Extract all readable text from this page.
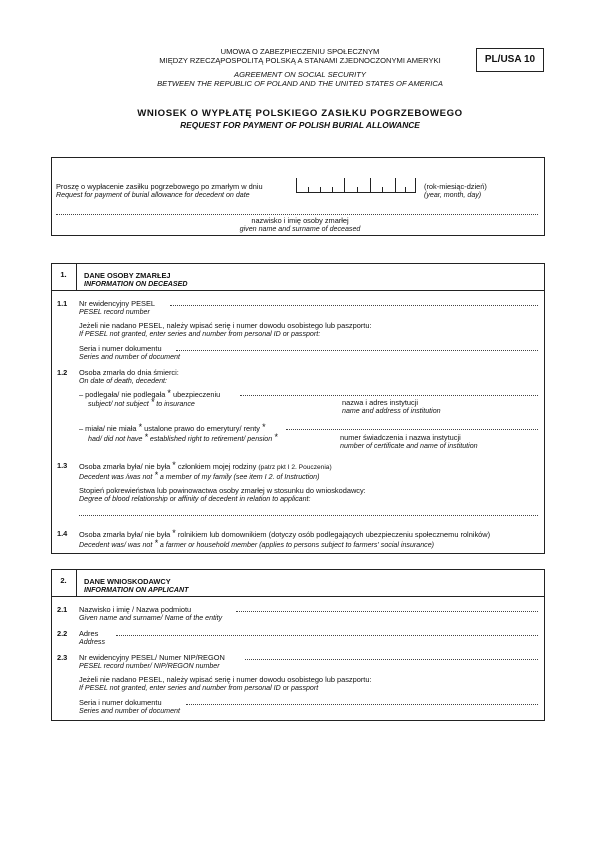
UMOWA O ZABEZPIECZENIU SPOŁECZNYM
MIĘDZY RZECZĄPOSPOLITĄ POLSKĄ A STANAMI ZJEDNOCZONYMI AMERYKI
AGREEMENT ON SOCIAL SECURITY
BETWEEN THE REPUBLIC OF POLAND AND THE UNITED STATES OF AMERICA
PL/USA 10
WNIOSEK O WYPŁATĘ POLSKIEGO ZASIŁKU POGRZEBOWEGO
REQUEST FOR PAYMENT OF POLISH BURIAL ALLOWANCE
Proszę o wypłacenie zasiłku pogrzebowego po zmarłym w dniu
Request for payment of burial allowance for decedent on date
(rok-miesiąc-dzień)
(year, month, day)
nazwisko i imię osoby zmarłej
given name and surname of deceased
1.	DANE OSOBY ZMARŁEJ
INFORMATION ON DECEASED
1.1 Nr ewidencyjny PESEL
PESEL record number
Jeżeli nie nadano PESEL, należy wpisać serię i numer dowodu osobistego lub paszportu:
If PESEL not granted, enter series and number from personal ID or passport:
Seria i numer dokumentu
Series and number of document
1.2 Osoba zmarła do dnia śmierci:
On date of death, decedent:
– podlegała/ nie podlegała * ubezpieczeniu
subject/ not subject * to insurance	nazwa i adres instytucji
name and address of institution
– miała/ nie miała * ustalone prawo do emerytury/ renty *
had/ did not have * established right to retirement/ pension *	numer świadczenia i nazwa instytucji
number of certificate and name of institution
1.3 Osoba zmarła była/ nie była * członkiem mojej rodziny (patrz pkt I 2. Pouczenia)
Decedent was /was not * a member of my family (see item I 2. of Instruction)
Stopień pokrewieństwa lub powinowactwa osoby zmarłej w stosunku do wnioskodawcy:
Degree of blood relationship or affinity of decedent in relation to applicant:
1.4 Osoba zmarła była/ nie była * rolnikiem lub domownikiem (dotyczy osób podlegających ubezpieczeniu społecznemu rolników)
Decedent was/ was not * a farmer or household member (applies to persons subject to farmers' social insurance)
2.	DANE WNIOSKODAWCY
INFORMATION ON APPLICANT
2.1 Nazwisko i imię / Nazwa podmiotu
Given name and surname/ Name of the entity
2.2 Adres
Address
2.3 Nr ewidencyjny PESEL/ Numer NIP/REGON
PESEL record number/ NIP/REGON number
Jeżeli nie nadano PESEL, należy wpisać serię i numer dowodu osobistego lub paszportu:
If PESEL not granted, enter series and number from personal ID or passport
Seria i numer dokumentu
Series and number of document
